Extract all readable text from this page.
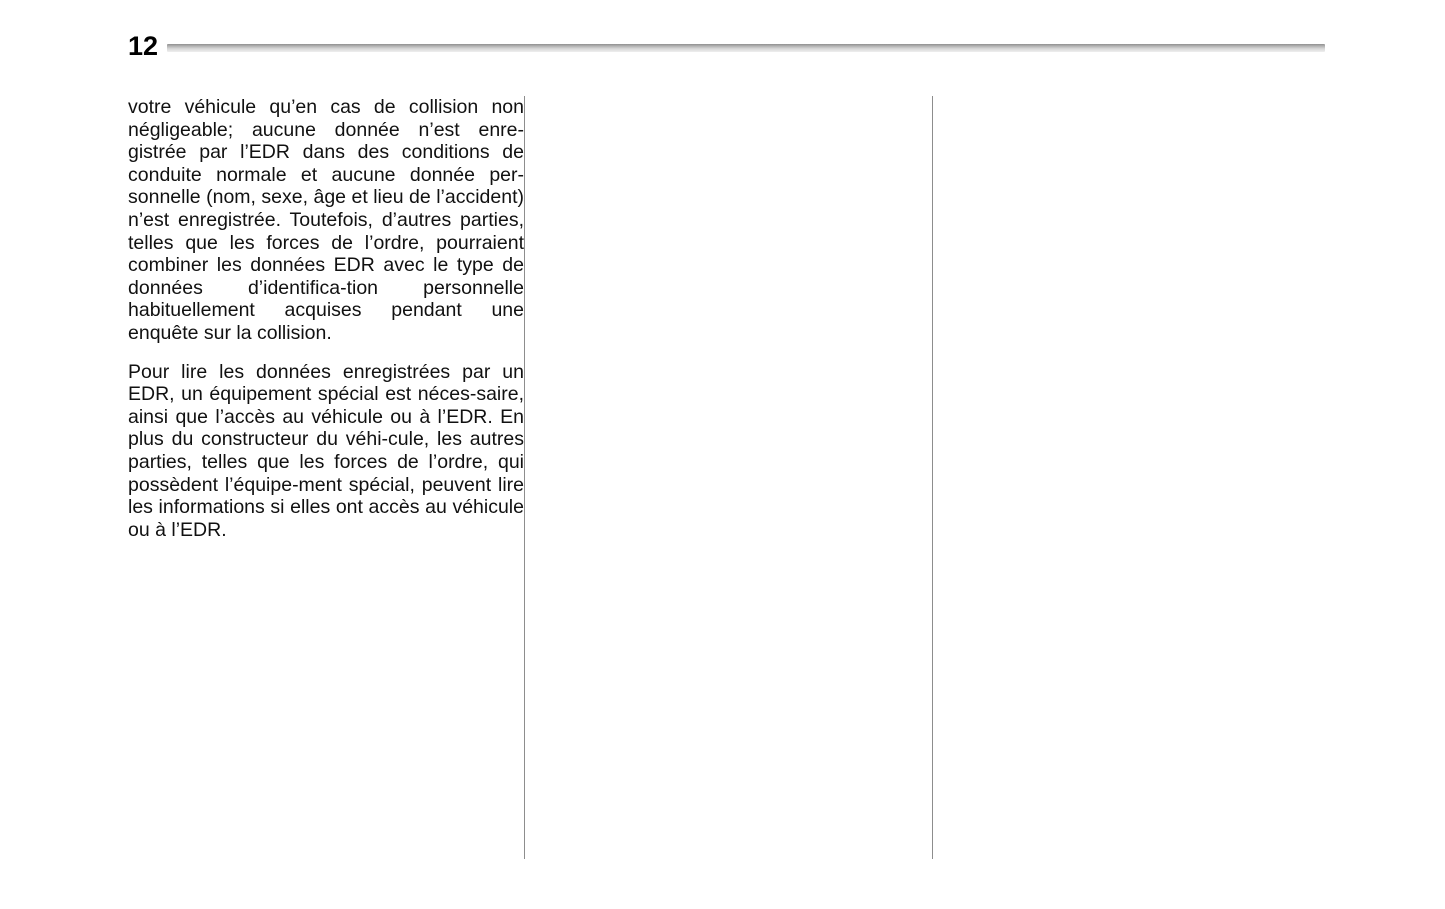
12

votre véhicule qu’en cas de collision non négligeable; aucune donnée n’est enre-gistrée par l’EDR dans des conditions de conduite normale et aucune donnée per-sonnelle (nom, sexe, âge et lieu de l’accident) n’est enregistrée. Toutefois, d’autres parties, telles que les forces de l’ordre, pourraient combiner les données EDR avec le type de données d’identifica-tion personnelle habituellement acquises pendant une enquête sur la collision.

Pour lire les données enregistrées par un EDR, un équipement spécial est néces-saire, ainsi que l’accès au véhicule ou à l’EDR. En plus du constructeur du véhi-cule, les autres parties, telles que les forces de l’ordre, qui possèdent l’équipe-ment spécial, peuvent lire les informations si elles ont accès au véhicule ou à l’EDR.
